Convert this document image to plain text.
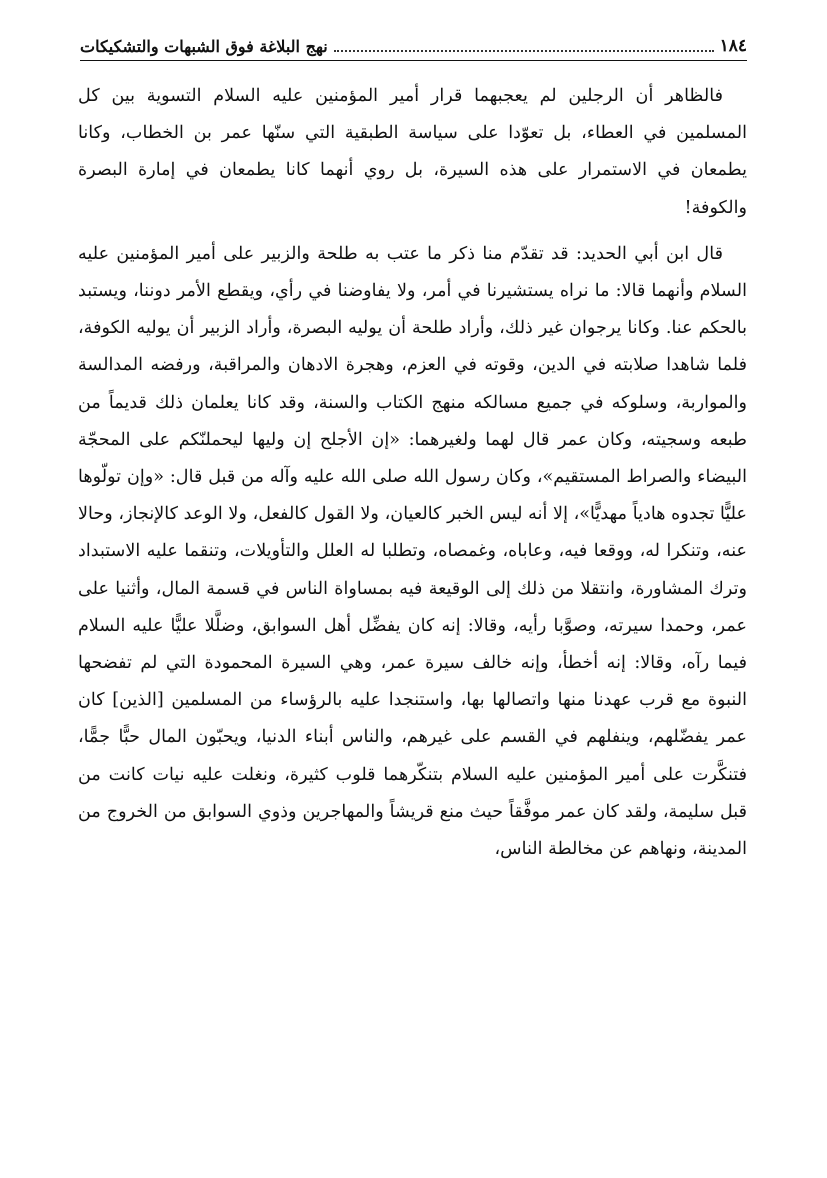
١٨٤
نهج البلاغة فوق الشبهات والتشكيكات

فالظاهر أن الرجلين لم يعجبهما قرار أمير المؤمنين عليه السلام التسوية بين كل المسلمين في العطاء، بل تعوّدا على سياسة الطبقية التي سنّها عمر بن الخطاب، وكانا يطمعان في الاستمرار على هذه السيرة، بل روي أنهما كانا يطمعان في إمارة البصرة والكوفة!

قال ابن أبي الحديد: قد تقدّم منا ذكر ما عتب به طلحة والزبير على أمير المؤمنين عليه السلام وأنهما قالا: ما نراه يستشيرنا في أمر، ولا يفاوضنا في رأي، ويقطع الأمر دوننا، ويستبد بالحكم عنا. وكانا يرجوان غير ذلك، وأراد طلحة أن يوليه البصرة، وأراد الزبير أن يوليه الكوفة، فلما شاهدا صلابته في الدين، وقوته في العزم، وهجرة الادهان والمراقبة، ورفضه المدالسة والمواربة، وسلوكه في جميع مسالكه منهج الكتاب والسنة، وقد كانا يعلمان ذلك قديماً من طبعه وسجيته، وكان عمر قال لهما ولغيرهما: «إن الأجلح إن وليها ليحملنّكم على المحجّة البيضاء والصراط المستقيم»، وكان رسول الله صلى الله عليه وآله من قبل قال: «وإن تولّوها عليًّا تجدوه هادياً مهديًّا»، إلا أنه ليس الخبر كالعيان، ولا القول كالفعل، ولا الوعد كالإنجاز، وحالا عنه، وتنكرا له، ووقعا فيه، وعاباه، وغمصاه، وتطلبا له العلل والتأويلات، وتنقما عليه الاستبداد وترك المشاورة، وانتقلا من ذلك إلى الوقيعة فيه بمساواة الناس في قسمة المال، وأثنيا على عمر، وحمدا سيرته، وصوَّبا رأيه، وقالا: إنه كان يفضِّل أهل السوابق، وضلَّلا عليًّا عليه السلام فيما رآه، وقالا: إنه أخطأ، وإنه خالف سيرة عمر، وهي السيرة المحمودة التي لم تفضحها النبوة مع قرب عهدنا منها واتصالها بها، واستنجدا عليه بالرؤساء من المسلمين [الذين] كان عمر يفضّلهم، وينفلهم في القسم على غيرهم، والناس أبناء الدنيا، ويحبّون المال حبًّا جمًّا، فتنكَّرت على أمير المؤمنين عليه السلام بتنكّرهما قلوب كثيرة، ونغلت عليه نيات كانت من قبل سليمة، ولقد كان عمر موفَّقاً حيث منع قريشاً والمهاجرين وذوي السوابق من الخروج من المدينة، ونهاهم عن مخالطة الناس،
